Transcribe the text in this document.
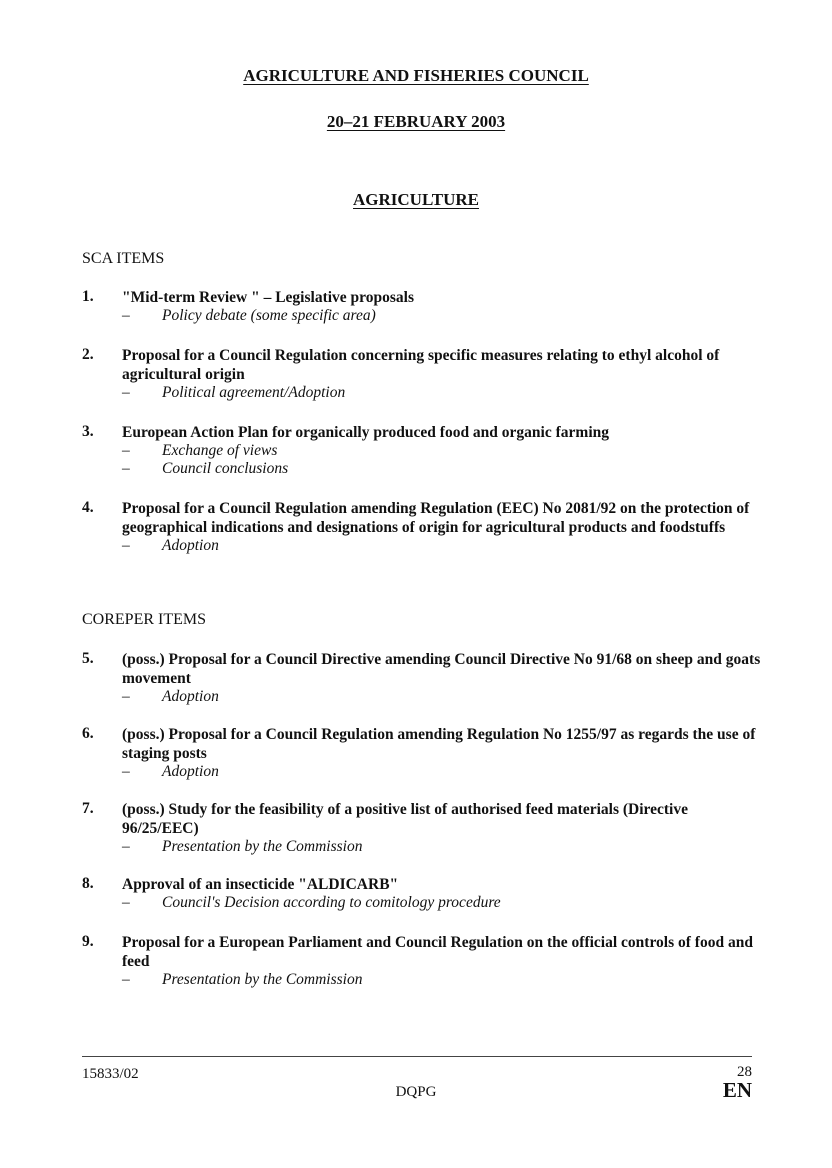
AGRICULTURE AND FISHERIES COUNCIL
20–21 FEBRUARY 2003
AGRICULTURE
SCA ITEMS
1. "Mid-term Review " – Legislative proposals
– Policy debate (some specific area)
2. Proposal for a Council Regulation concerning specific measures relating to ethyl alcohol of agricultural origin
– Political agreement/Adoption
3. European Action Plan for organically produced food and organic farming
– Exchange of views
– Council conclusions
4. Proposal for a Council Regulation amending Regulation (EEC) No 2081/92 on the protection of geographical indications and designations of origin for agricultural products and foodstuffs
– Adoption
COREPER ITEMS
5. (poss.) Proposal for a Council Directive amending Council Directive No 91/68 on sheep and goats movement
– Adoption
6. (poss.) Proposal for a Council Regulation amending Regulation No 1255/97 as regards the use of staging posts
– Adoption
7. (poss.) Study for the feasibility of a positive list of authorised feed materials (Directive 96/25/EEC)
– Presentation by the Commission
8. Approval of an insecticide "ALDICARB"
– Council's Decision according to comitology procedure
9. Proposal for a European Parliament and Council Regulation on the official controls of food and feed
– Presentation by the Commission
15833/02	28
DQPG	EN
